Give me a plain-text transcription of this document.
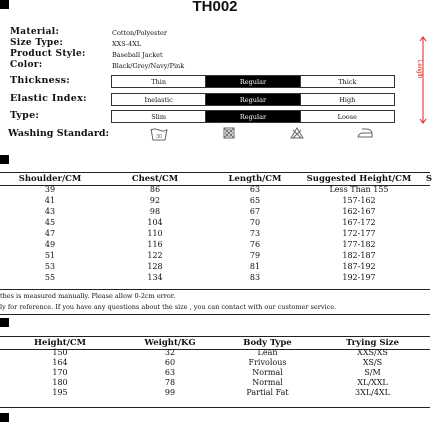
TH002
Material:	Cotton/Polyester
Size Type:	XXS-4XL
Product Style:	Baseball Jacket
Color:	Black/Grey/Navy/Pink
Thickness:	Thin	Regular	Thick
Elastic Index:	Inelastic	Regular	High
Type:	Slim	Regular	Loose
Washing Standard:	30
Length
Shoulder/CM	Chest/CM	Length/CM	Suggested Height/CM	S
39	86	63	Less Than 155	
41	92	65	157-162	
43	98	67	162-167	
45	104	70	167-172	
47	110	73	172-177	
49	116	76	177-182	
51	122	79	182-187	
53	128	81	187-192	
55	134	83	192-197	
thes is measured manually. Please allow 0-2cm error.
ly for reference. If you have any questions about the size , you can contact with our customer service.
Height/CM	Weight/KG	Body Type	Trying Size
150	32	Lean	XXS/XS
164	60	Frivolous	XS/S
170	63	Normal	S/M
180	78	Normal	XL/XXL
195	99	Partial Fat	3XL/4XL
